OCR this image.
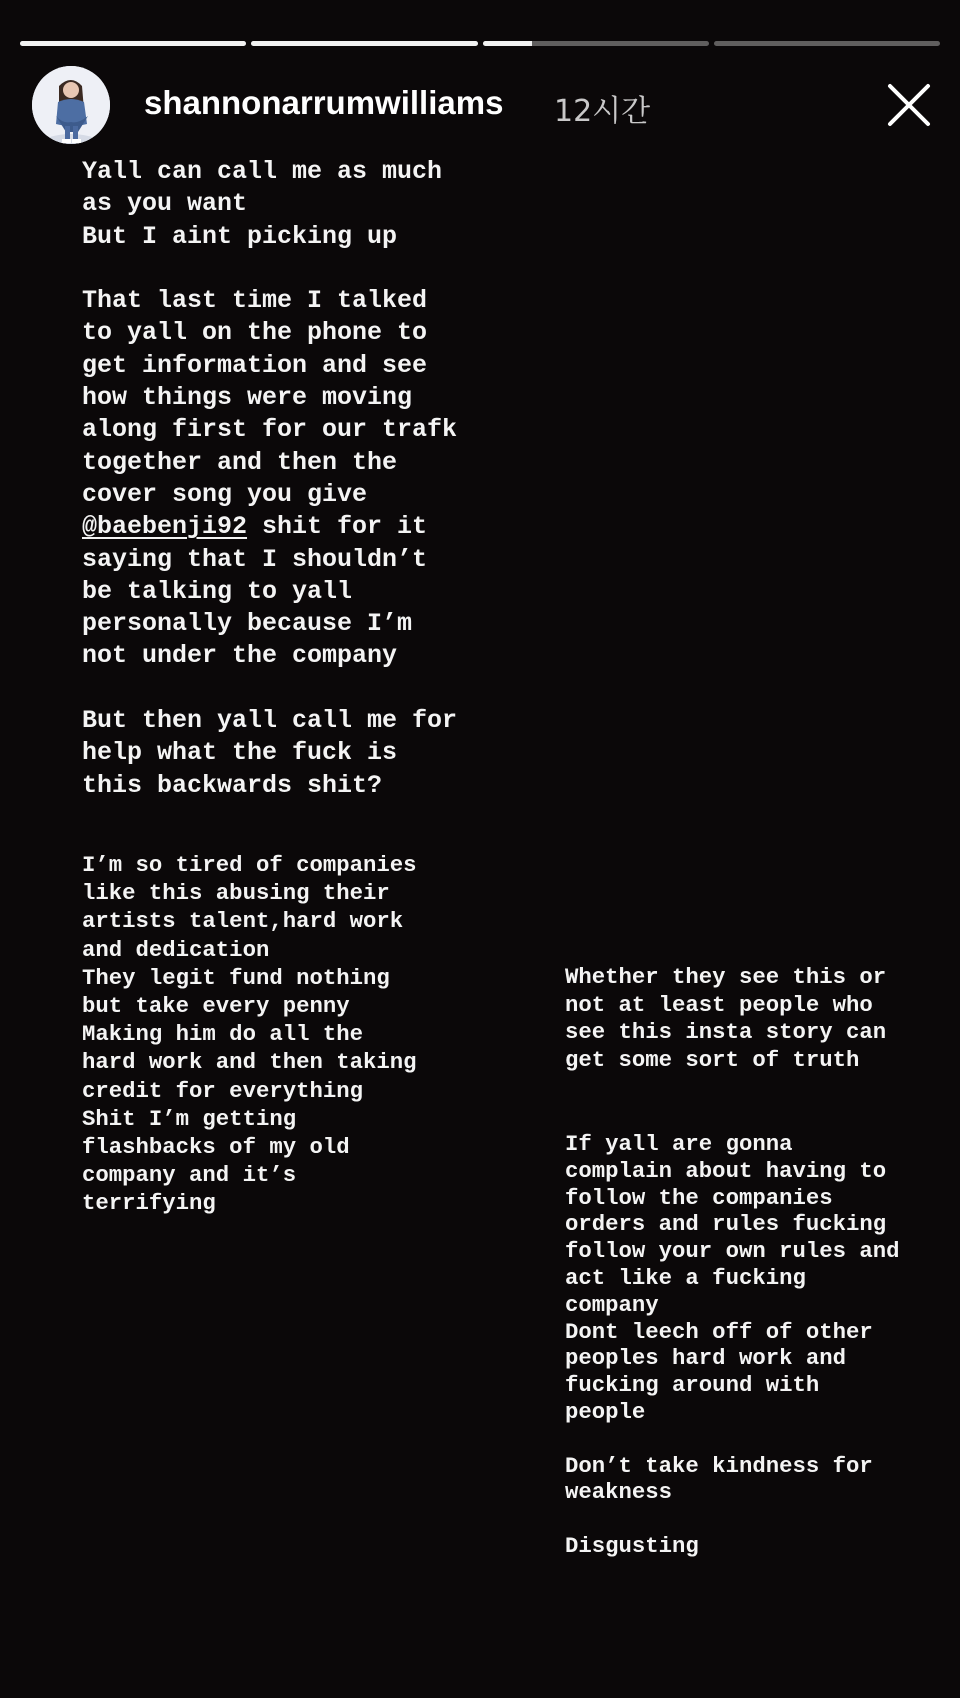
shannonarrumwilliams 12시간
Yall can call me as much
as you want
But I aint picking up

That last time I talked
to yall on the phone to
get information and see
how things were moving
along first for our trafk
together and then the
cover song you give
@baebenji92 shit for it
saying that I shouldn’t
be talking to yall
personally because I’m
not under the company

But then yall call me for
help what the fuck is
this backwards shit?
I’m so tired of companies
like this abusing their
artists talent,hard work
and dedication
They legit fund nothing
but take every penny
Making him do all the
hard work and then taking
credit for everything
Shit I’m getting
flashbacks of my old
company and it’s
terrifying
Whether they see this or
not at least people who
see this insta story can
get some sort of truth
If yall are gonna
complain about having to
follow the companies
orders and rules fucking
follow your own rules and
act like a fucking
company
Dont leech off of other
peoples hard work and
fucking around with
people

Don’t take kindness for
weakness

Disgusting
